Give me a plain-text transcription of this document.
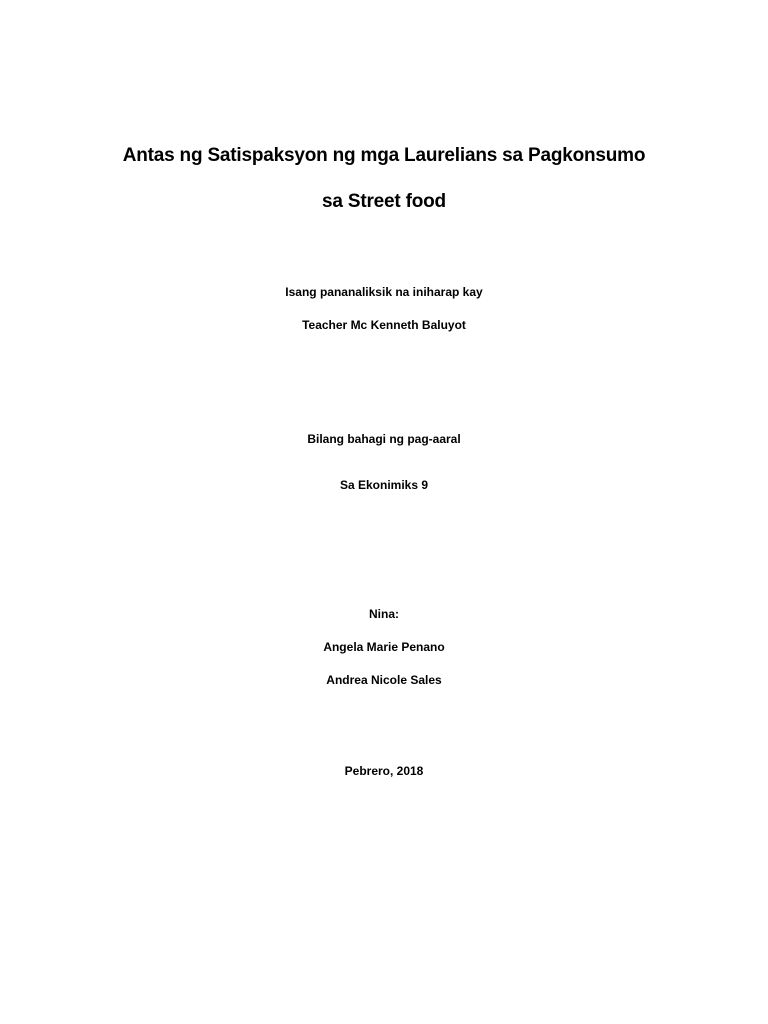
Antas ng Satispaksyon ng mga Laurelians sa Pagkonsumo
sa Street food
Isang pananaliksik na iniharap kay
Teacher Mc Kenneth Baluyot
Bilang bahagi ng pag-aaral
Sa Ekonimiks 9
Nina:
Angela Marie Penano
Andrea Nicole Sales
Pebrero, 2018
